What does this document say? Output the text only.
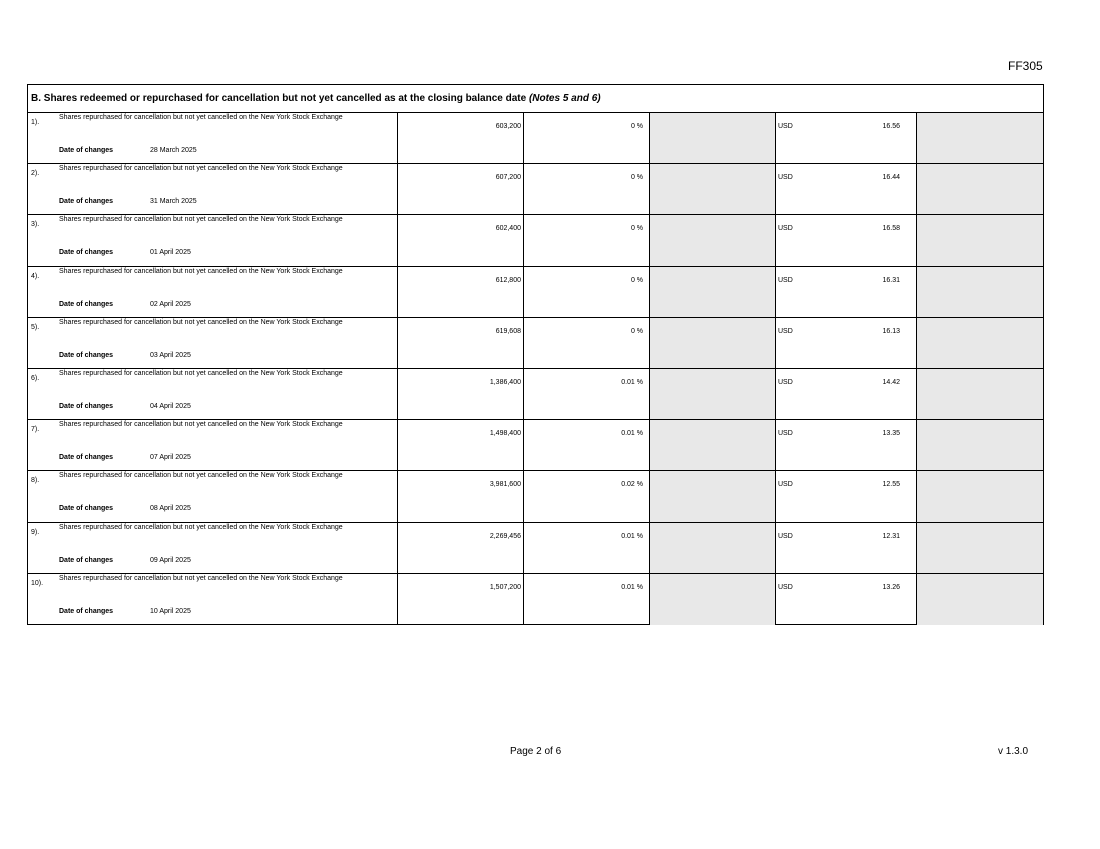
FF305
B. Shares redeemed or repurchased for cancellation but not yet cancelled as at the closing balance date (Notes 5 and 6)
1).
Shares repurchased for cancellation but not yet cancelled on the New York Stock Exchange
Date of changes	28 March 2025
603,200	0 %	USD	16.56
2).
Shares repurchased for cancellation but not yet cancelled on the New York Stock Exchange
Date of changes	31 March 2025
607,200	0 %	USD	16.44
3).
Shares repurchased for cancellation but not yet cancelled on the New York Stock Exchange
Date of changes	01 April 2025
602,400	0 %	USD	16.58
4).
Shares repurchased for cancellation but not yet cancelled on the New York Stock Exchange
Date of changes	02 April 2025
612,800	0 %	USD	16.31
5).
Shares repurchased for cancellation but not yet cancelled on the New York Stock Exchange
Date of changes	03 April 2025
619,608	0 %	USD	16.13
6).
Shares repurchased for cancellation but not yet cancelled on the New York Stock Exchange
Date of changes	04 April 2025
1,386,400	0.01 %	USD	14.42
7).
Shares repurchased for cancellation but not yet cancelled on the New York Stock Exchange
Date of changes	07 April 2025
1,498,400	0.01 %	USD	13.35
8).
Shares repurchased for cancellation but not yet cancelled on the New York Stock Exchange
Date of changes	08 April 2025
3,981,600	0.02 %	USD	12.55
9).
Shares repurchased for cancellation but not yet cancelled on the New York Stock Exchange
Date of changes	09 April 2025
2,269,456	0.01 %	USD	12.31
10).
Shares repurchased for cancellation but not yet cancelled on the New York Stock Exchange
Date of changes	10 April 2025
1,507,200	0.01 %	USD	13.26
Page 2 of 6	v 1.3.0
